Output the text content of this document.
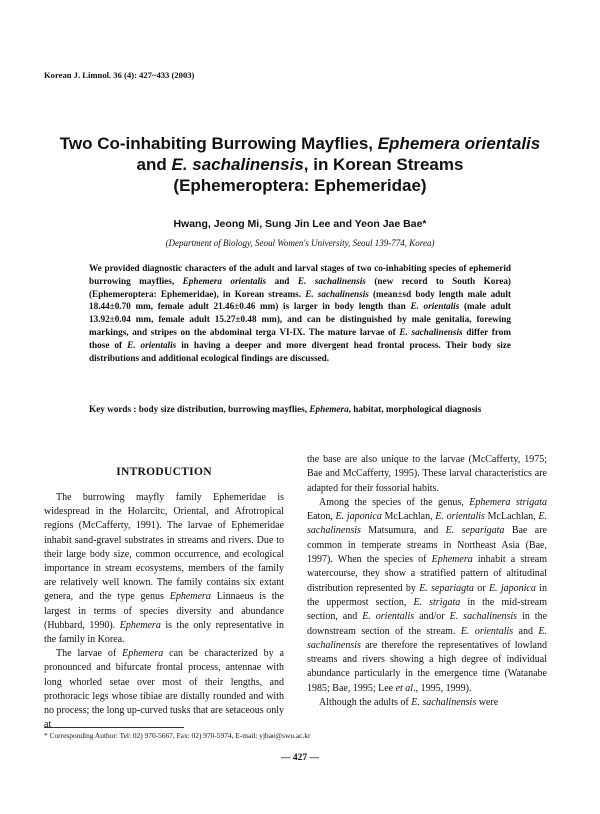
Korean J. Limnol. 36 (4): 427~433 (2003)
Two Co-inhabiting Burrowing Mayflies, Ephemera orientalis
and E. sachalinensis, in Korean Streams
(Ephemeroptera: Ephemeridae)
Hwang, Jeong Mi, Sung Jin Lee and Yeon Jae Bae*
(Department of Biology, Seoul Women's University, Seoul 139-774, Korea)

We provided diagnostic characters of the adult and larval stages of two co-inhabiting species of ephemerid burrowing mayflies, Ephemera orientalis and E. sachalinensis (new record to South Korea) (Ephemeroptera: Ephemeridae), in Korean streams. E. sachalinensis (mean±sd body length male adult 18.44±0.70 mm, female adult 21.46±0.46 mm) is larger in body length than E. orientalis (male adult 13.92±0.04 mm, female adult 15.27±0.48 mm), and can be distinguished by male genitalia, forewing markings, and stripes on the abdominal terga VI-IX. The mature larvae of E. sachalinensis differ from those of E. orientalis in having a deeper and more divergent head frontal process. Their body size distributions and additional ecological findings are discussed.

Key words : body size distribution, burrowing mayflies, Ephemera, habitat, morphological diagnosis
INTRODUCTION

The burrowing mayfly family Ephemeridae is widespread in the Holarcitc, Oriental, and Afrotropical regions (McCafferty, 1991). The larvae of Ephemeridae inhabit sand-gravel substrates in streams and rivers. Due to their large body size, common occurrence, and ecological importance in stream ecosystems, members of the family are relatively well known. The family contains six extant genera, and the type genus Ephemera Linnaeus is the largest in terms of species diversity and abundance (Hubbard, 1990). Ephemera is the only representative in the family in Korea.

The larvae of Ephemera can be characterized by a pronounced and bifurcate frontal process, antennae with long whorled setae over most of their lengths, and prothoracic legs whose tibiae are distally rounded and with no process; the long up-curved tusks that are setaceous only at

the base are also unique to the larvae (McCafferty, 1975; Bae and McCafferty, 1995). These larval characteristics are adapted for their fossorial habits.

Among the species of the genus, Ephemera strigata Eaton, E. japonica McLachlan, E. orientalis McLachlan, E. sachalinensis Matsumura, and E. separigata Bae are common in temperate streams in Northeast Asia (Bae, 1997). When the species of Ephemera inhabit a stream watercourse, they show a stratified pattern of altitudinal distribution represented by E. separiagta or E. japonica in the uppermost section, E. strigata in the mid-stream section, and E. orientalis and/or E. sachalinensis in the downstream section of the stream. E. orientalis and E. sachalinensis are therefore the representatives of lowland streams and rivers showing a high degree of individual abundance particularly in the emergence time (Watanabe 1985; Bae, 1995; Lee et al., 1995, 1999).

Although the adults of E. sachalinensis were

* Corresponding Author: Tel: 02) 970-5667, Fax: 02) 970-5974, E-mail: yjbae@swu.ac.kr
— 427 —
